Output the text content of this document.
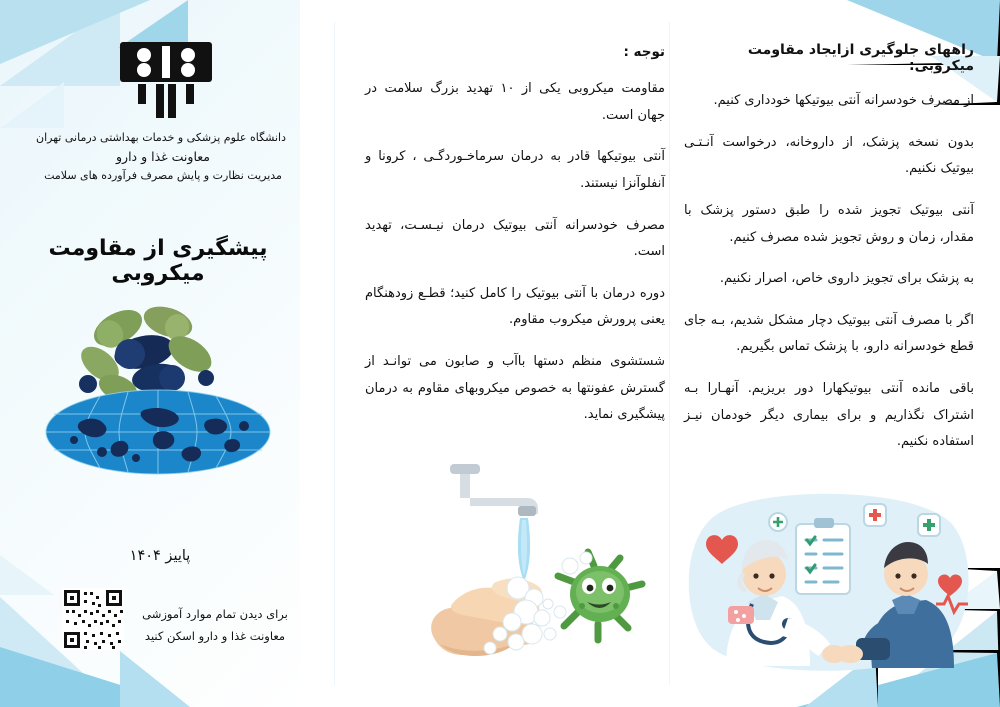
دانشگاه علوم پزشکی و خدمات بهداشتی درمانی تهران
معاونت غذا و دارو
مدیریت نظارت و پایش مصرف فرآورده های سلامت
پیشگیری از مقاومت میکروبی
پاییز ۱۴۰۴
برای دیدن تمام موارد آموزشی
معاونت غذا و دارو اسکن کنید
توجه :
مقاومت میکروبی یکی از ۱۰ تهدید بزرگ سلامت در جهان است.
آنتی بیوتیکها قادر به درمان سرماخـوردگـی ، کرونا و آنفلوآنزا نیستند.
مصرف خودسرانه آنتی بیوتیک درمان نیـسـت، تهدید است.
دوره درمان با آنتی بیوتیک را کامل کنید؛ قطـع زودهنگام یعنی پرورش میکروب مقاوم.
شستشوی منظم دستها باآب و صابون می توانـد از گسترش عفونتها به خصوص میکروبهای مقاوم به درمان پیشگیری نماید.
راههای جلوگیری ازایجاد مقاومت میکروبی:
از مصرف خودسرانه آنتی بیوتیکها خودداری کنیم.
بدون نسخه پزشک، از داروخانه، درخواست آنـتـی بیوتیک نکنیم.
آنتی بیوتیک تجویز شده را طبق دستور پزشک با مقدار، زمان و روش تجویز شده مصرف کنیم.
به پزشک برای تجویز داروی خاص، اصرار نکنیم.
اگر با مصرف آنتی بیوتیک دچار مشکل شدیم، بـه جای قطع خودسرانه دارو، با پزشک تماس بگیریم.
باقی مانده آنتی بیوتیکهارا دور بریزیم. آنهـارا بـه اشتراک نگذاریم و برای بیماری دیگر خودمان نیـز استفاده نکنیم.
